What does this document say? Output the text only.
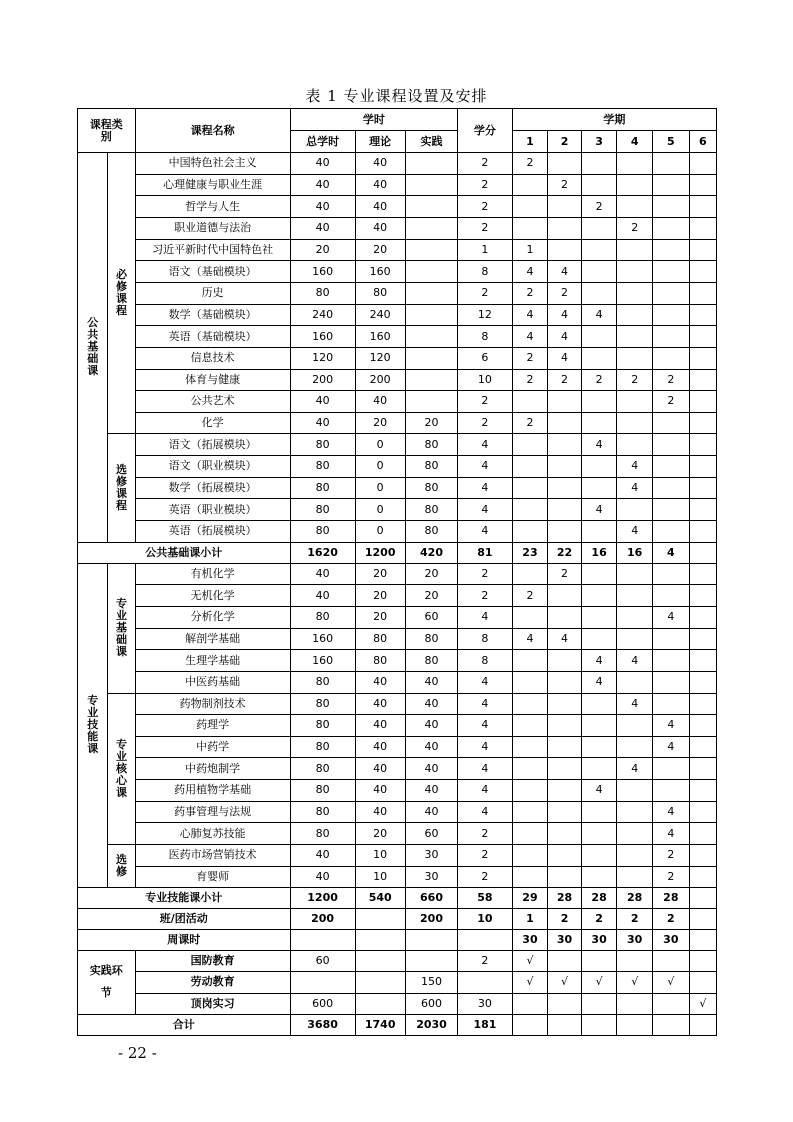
表 1 专业课程设置及安排
课程类别		课程名称	学时			学分	学期					
			总学时	理论	实践		1	2	3	4	5	6
公共基础课	必修课程	中国特色社会主义	40	40		2	2					
		心理健康与职业生涯	40	40		2		2				
		哲学与人生	40	40		2			2			
		职业道德与法治	40	40		2				2		
		习近平新时代中国特色社	20	20		1	1					
		语文（基础模块）	160	160		8	4	4				
		历史	80	80		2	2	2				
		数学（基础模块）	240	240		12	4	4	4			
		英语（基础模块）	160	160		8	4	4				
		信息技术	120	120		6	2	4				
		体育与健康	200	200		10	2	2	2	2	2	
		公共艺术	40	40		2					2	
		化学	40	20	20	2	2					
	选修课程	语文（拓展模块）	80	0	80	4			4			
		语文（职业模块）	80	0	80	4				4		
		数学（拓展模块）	80	0	80	4				4		
		英语（职业模块）	80	0	80	4			4			
		英语（拓展模块）	80	0	80	4				4		
公共基础课小计			1620	1200	420	81	23	22	16	16	4	
专业技能课	专业基础课	有机化学	40	20	20	2		2				
		无机化学	40	20	20	2	2					
		分析化学	80	20	60	4					4	
		解剖学基础	160	80	80	8	4	4				
		生理学基础	160	80	80	8			4	4		
		中医药基础	80	40	40	4			4			
	专业核心课	药物制剂技术	80	40	40	4				4		
		药理学	80	40	40	4					4	
		中药学	80	40	40	4					4	
		中药炮制学	80	40	40	4				4		
		药用植物学基础	80	40	40	4			4			
		药事管理与法规	80	40	40	4					4	
		心肺复苏技能	80	20	60	2					4	
	选修	医药市场营销技术	40	10	30	2					2	
		育婴师	40	10	30	2					2	
专业技能课小计			1200	540	660	58	29	28	28	28	28	
班/团活动			200		200	10	1	2	2	2	2	
周课时							30	30	30	30	30	
实践环节		国防教育	60			2	√					
		劳动教育			150		√	√	√	√	√	
		顶岗实习	600		600	30						√
合计			3680	1740	2030	181						
- 22 -
